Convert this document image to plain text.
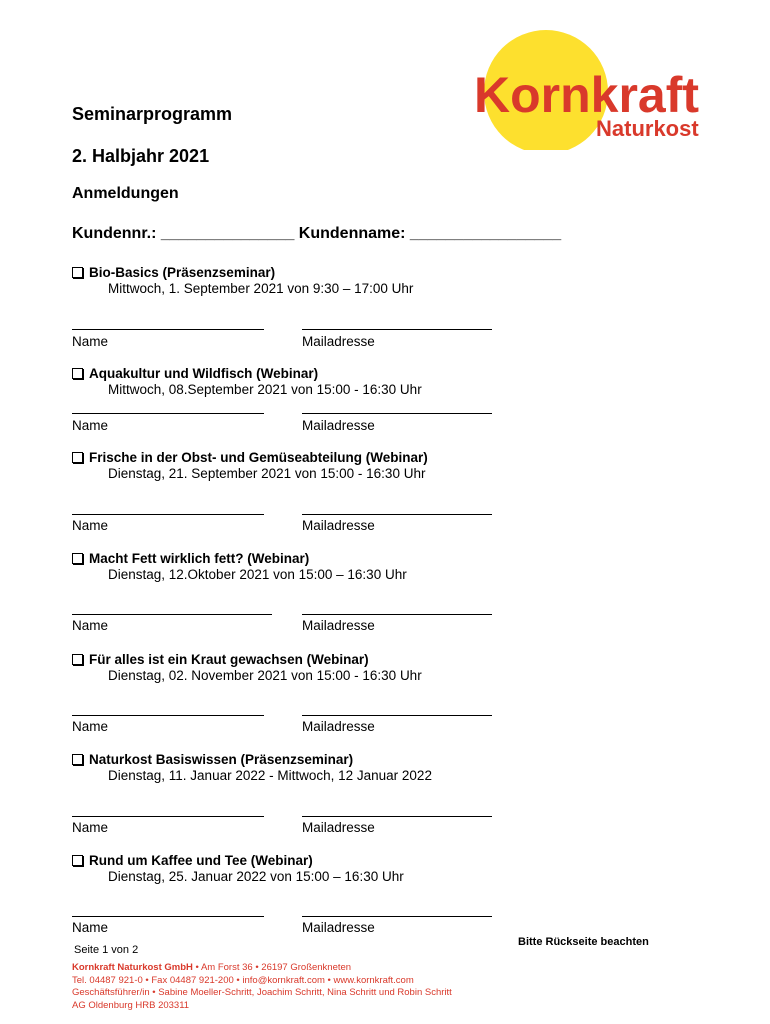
Kornkraft
Naturkost
Seminarprogramm
2. Halbjahr 2021
Anmeldungen
Kundennr.: _______________ Kundenname: _________________
Bio-Basics (Präsenzseminar)
Mittwoch, 1. September 2021 von 9:30 – 17:00 Uhr
Name	Mailadresse
Aquakultur und Wildfisch (Webinar)
Mittwoch, 08.September 2021 von 15:00 - 16:30 Uhr
Name	Mailadresse
Frische in der Obst- und Gemüseabteilung (Webinar)
Dienstag, 21. September 2021 von 15:00 - 16:30 Uhr
Name	Mailadresse
Macht Fett wirklich fett? (Webinar)
Dienstag, 12.Oktober 2021 von 15:00 – 16:30 Uhr
Name	Mailadresse
Für alles ist ein Kraut gewachsen (Webinar)
Dienstag, 02. November 2021 von 15:00 - 16:30 Uhr
Name	Mailadresse
Naturkost Basiswissen (Präsenzseminar)
Dienstag, 11. Januar 2022 - Mittwoch, 12 Januar 2022
Name	Mailadresse
Rund um Kaffee und Tee (Webinar)
Dienstag, 25. Januar 2022 von 15:00 – 16:30 Uhr
Name	Mailadresse
Bitte Rückseite beachten
Seite 1 von 2
Kornkraft Naturkost GmbH • Am Forst 36 • 26197 Großenkneten
Tel. 04487 921-0 • Fax 04487 921-200 • info@kornkraft.com • www.kornkraft.com
Geschäftsführer/in • Sabine Moeller-Schritt, Joachim Schritt, Nina Schritt und Robin Schritt
AG Oldenburg HRB 203311
